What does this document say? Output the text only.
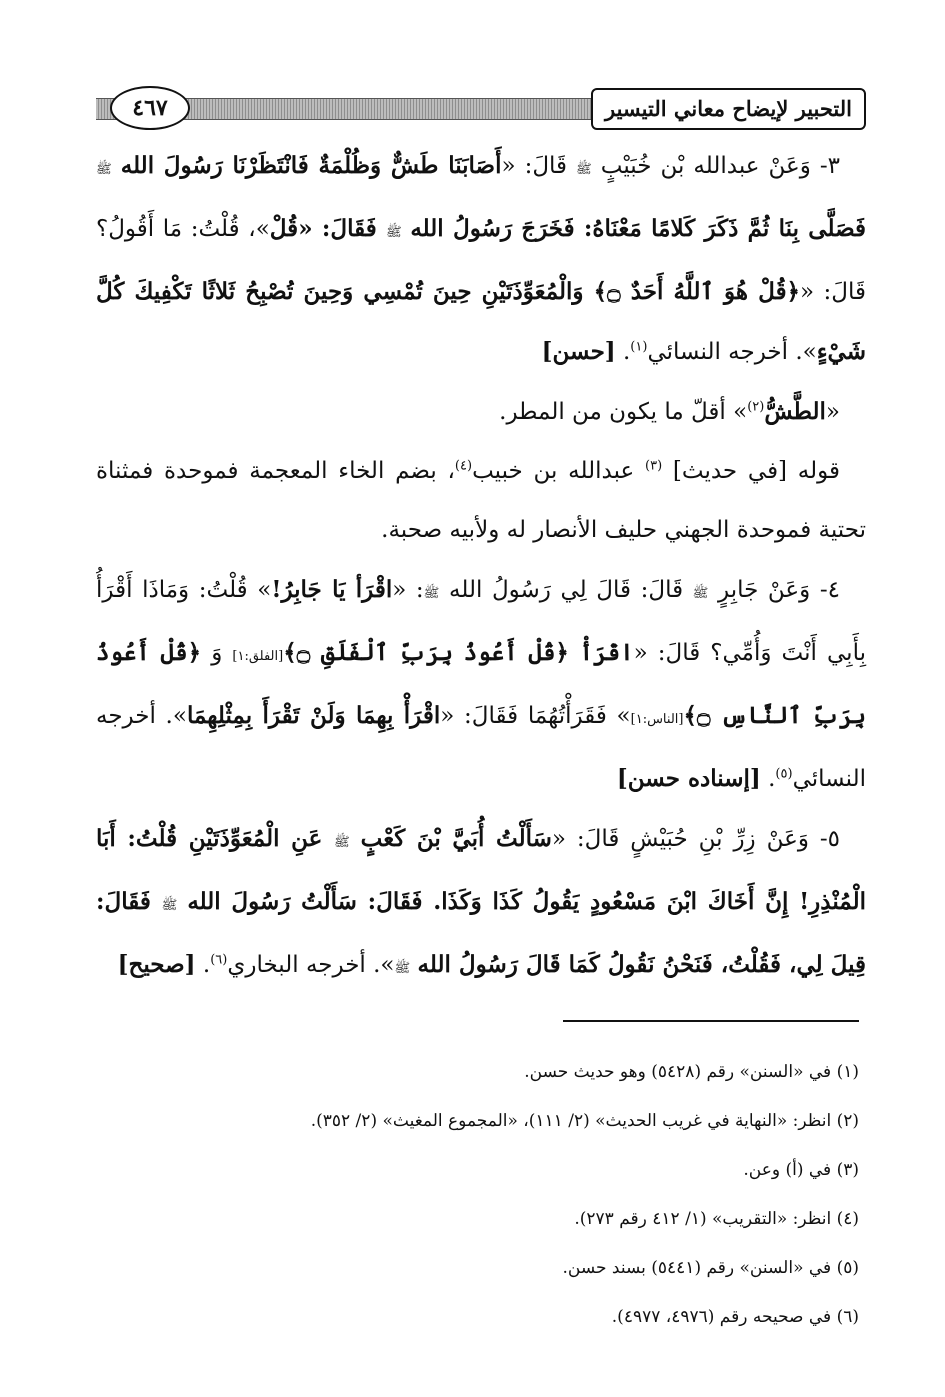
التحبير لإيضاح معاني التيسير
٤٦٧

٣- وَعَنْ عبدالله بْن خُبَيْبٍ ﷺ قَالَ: «أَصَابَنَا طَشٌّ وَظُلْمَةٌ فَانْتَظَرْنَا رَسُولَ الله ﷺ فَصَلَّى بِنَا ثُمَّ ذَكَرَ كَلامًا مَعْنَاهُ: فَخَرَجَ رَسُولُ الله ﷺ فَقَالَ: «قُلْ»، قُلْتُ: مَا أَقُولُ؟ قَالَ: «﴿قُلْ هُوَ ٱللَّهُ أَحَدٌ ۝﴾ وَالْمُعَوِّذَتَيْنِ حِينَ تُمْسِي وَحِينَ تُصْبِحُ ثَلاثًا تَكْفِيكَ كُلَّ شَيْءٍ». أخرجه النسائي$^{(١)}$. [حسن]

«الطَّشُّ$^{(٢)}$» أقلّ ما يكون من المطر.

قوله [في حديث] $^{(٣)}$ عبدالله بن خبيب$^{(٤)}$، بضم الخاء المعجمة فموحدة فمثناة تحتية فموحدة الجهني حليف الأنصار له ولأبيه صحبة.

٤- وَعَنْ جَابِرٍ ﷺ قَالَ: قَالَ لِي رَسُولُ الله ﷺ: «اقْرَأ يَا جَابِرُ!» قُلْتُ: وَمَاذَا أَقْرَأُ بِأَبِي أَنْتَ وَأُمِّي؟ قَالَ: «اقْرَأْ ﴿قُلْ أَعُوذُ بِرَبِّ ٱلْفَلَقِ ۝﴾[الفلق:١] وَ ﴿قُلْ أَعُوذُ بِرَبِّ ٱلنَّاسِ ۝﴾[الناس:١]» فَقَرَأْتُهُمَا فَقَالَ: «اقْرَأْ بِهِمَا وَلَنْ تَقْرَأَ بِمِثْلِهِمَا». أخرجه النسائي$^{(٥)}$. [إسناده حسن]

٥- وَعَنْ زِرِّ بْنِ حُبَيْشٍ قَالَ: «سَأَلْتُ أُبَيَّ بْنَ كَعْبٍ ﷺ عَنِ الْمُعَوِّذَتَيْنِ قُلْتُ: أَبَا الْمُنْذِرِ! إِنَّ أَخَاكَ ابْنَ مَسْعُودٍ يَقُولُ كَذَا وَكَذَا. فَقَالَ: سَأَلْتُ رَسُولَ الله ﷺ فَقَالَ: قِيلَ لِي، فَقُلْتُ، فَنَحْنُ نَقُولُ كَمَا قَالَ رَسُولُ الله ﷺ». أخرجه البخاري$^{(٦)}$. [صحيح]

(١) في «السنن» رقم (٥٤٢٨) وهو حديث حسن.
(٢) انظر: «النهاية في غريب الحديث» (٢/ ١١١)، «المجموع المغيث» (٢/ ٣٥٢).
(٣) في (أ) وعن.
(٤) انظر: «التقريب» (١/ ٤١٢ رقم ٢٧٣).
(٥) في «السنن» رقم (٥٤٤١) بسند حسن.
(٦) في صحيحه رقم (٤٩٧٦، ٤٩٧٧).
